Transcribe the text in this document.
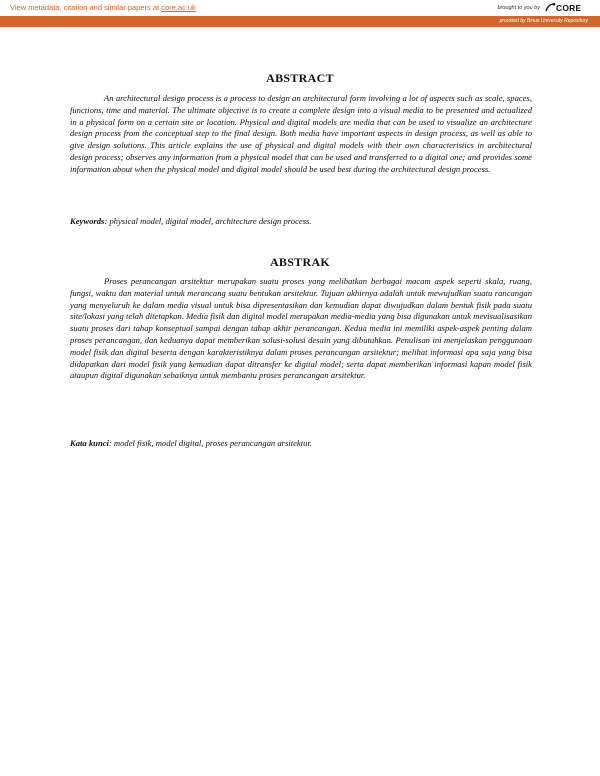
View metadata, citation and similar papers at core.ac.uk	brought to you by CORE
provided by Binus University Repository
ABSTRACT
An architectural design process is a process to design an architectural form involving a lot of aspects such as scale, spaces, functions, time and material. The ultimate objective is to create a complete design into a visual media to be presented and actualized in a physical form on a certain site or location. Physical and digital models are media that can be used to visualize an architecture design process from the conceptual step to the final design. Both media have important aspects in design process, as well as able to give design solutions. This article explains the use of physical and digital models with their own characteristics in architectural design process; observes any information from a physical model that can be used and transferred to a digital one; and provides some information about when the physical model and digital model should be used best during the architectural design process.
Keywords: physical model, digital model, architecture design process.
ABSTRAK
Proses perancangan arsitektur merupakan suatu proses yang melibatkan berbagai macam aspek seperti skala, ruang, fungsi, waktu dan material untuk merancang suatu bentukan arsitektur. Tujuan akhirnya adalah untuk mewujudkan suatu rancangan yang menyeluruh ke dalam media visual untuk bisa dipresentasikan dan kemudian dapat diwujudkan dalam bentuk fisik pada suatu site/lokasi yang telah ditetapkan. Media fisik dan digital model merupakan media-media yang bisa digunakan untuk mevisualisasikan suatu proses dari tahap konseptual sampai dengan tahap akhir perancangan. Kedua media ini memiliki aspek-aspek penting dalam proses perancangan, dan keduanya dapat memberikan solusi-solusi desain yang dibutuhkan. Penulisan ini menjelaskan penggunaan model fisik dan digital beserta dengan karakteristiknya dalam proses perancangan arsitektur; melihat informasi apa saja yang bisa didapatkan dari model fisik yang kemudian dapat ditransfer ke digital model; serta dapat memberikan informasi kapan model fisik ataupun digital digunakan sebaiknya untuk membantu proses perancangan arsitektur.
Kata kunci: model fisik, model digital, proses perancangan arsitektur.
